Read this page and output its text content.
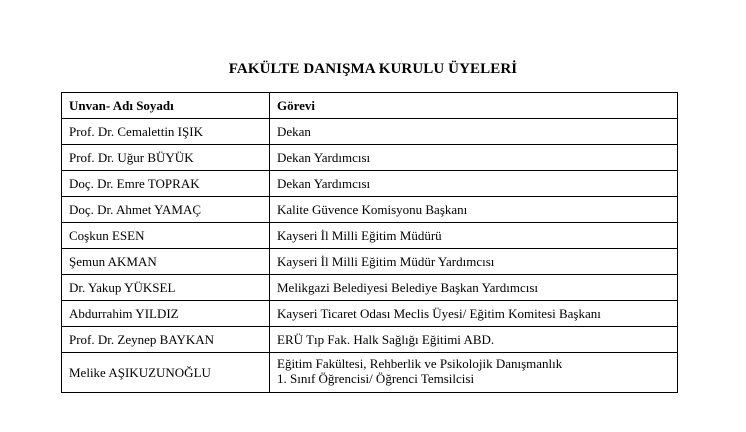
FAKÜLTE DANIŞMA KURULU ÜYELERİ
Unvan- Adı Soyadı	Görevi
Prof. Dr. Cemalettin IŞIK	Dekan

Prof. Dr. Uğur BÜYÜK	Dekan Yardımcısı

Doç. Dr. Emre TOPRAK	Dekan Yardımcısı

Doç. Dr. Ahmet YAMAÇ	Kalite Güvence Komisyonu Başkanı

Coşkun ESEN	Kayseri İl Milli Eğitim Müdürü

Şemun AKMAN	Kayseri İl Milli Eğitim Müdür Yardımcısı

Dr. Yakup YÜKSEL	Melikgazi Belediyesi Belediye Başkan Yardımcısı

Abdurrahim YILDIZ	Kayseri Ticaret Odası Meclis Üyesi/ Eğitim Komitesi Başkanı

Prof. Dr. Zeynep BAYKAN	ERÜ Tıp Fak. Halk Sağlığı Eğitimi ABD.

Melike AŞIKUZUNOĞLU	Eğitim Fakültesi, Rehberlik ve Psikolojik Danışmanlık
1. Sınıf Öğrencisi/ Öğrenci Temsilcisi
